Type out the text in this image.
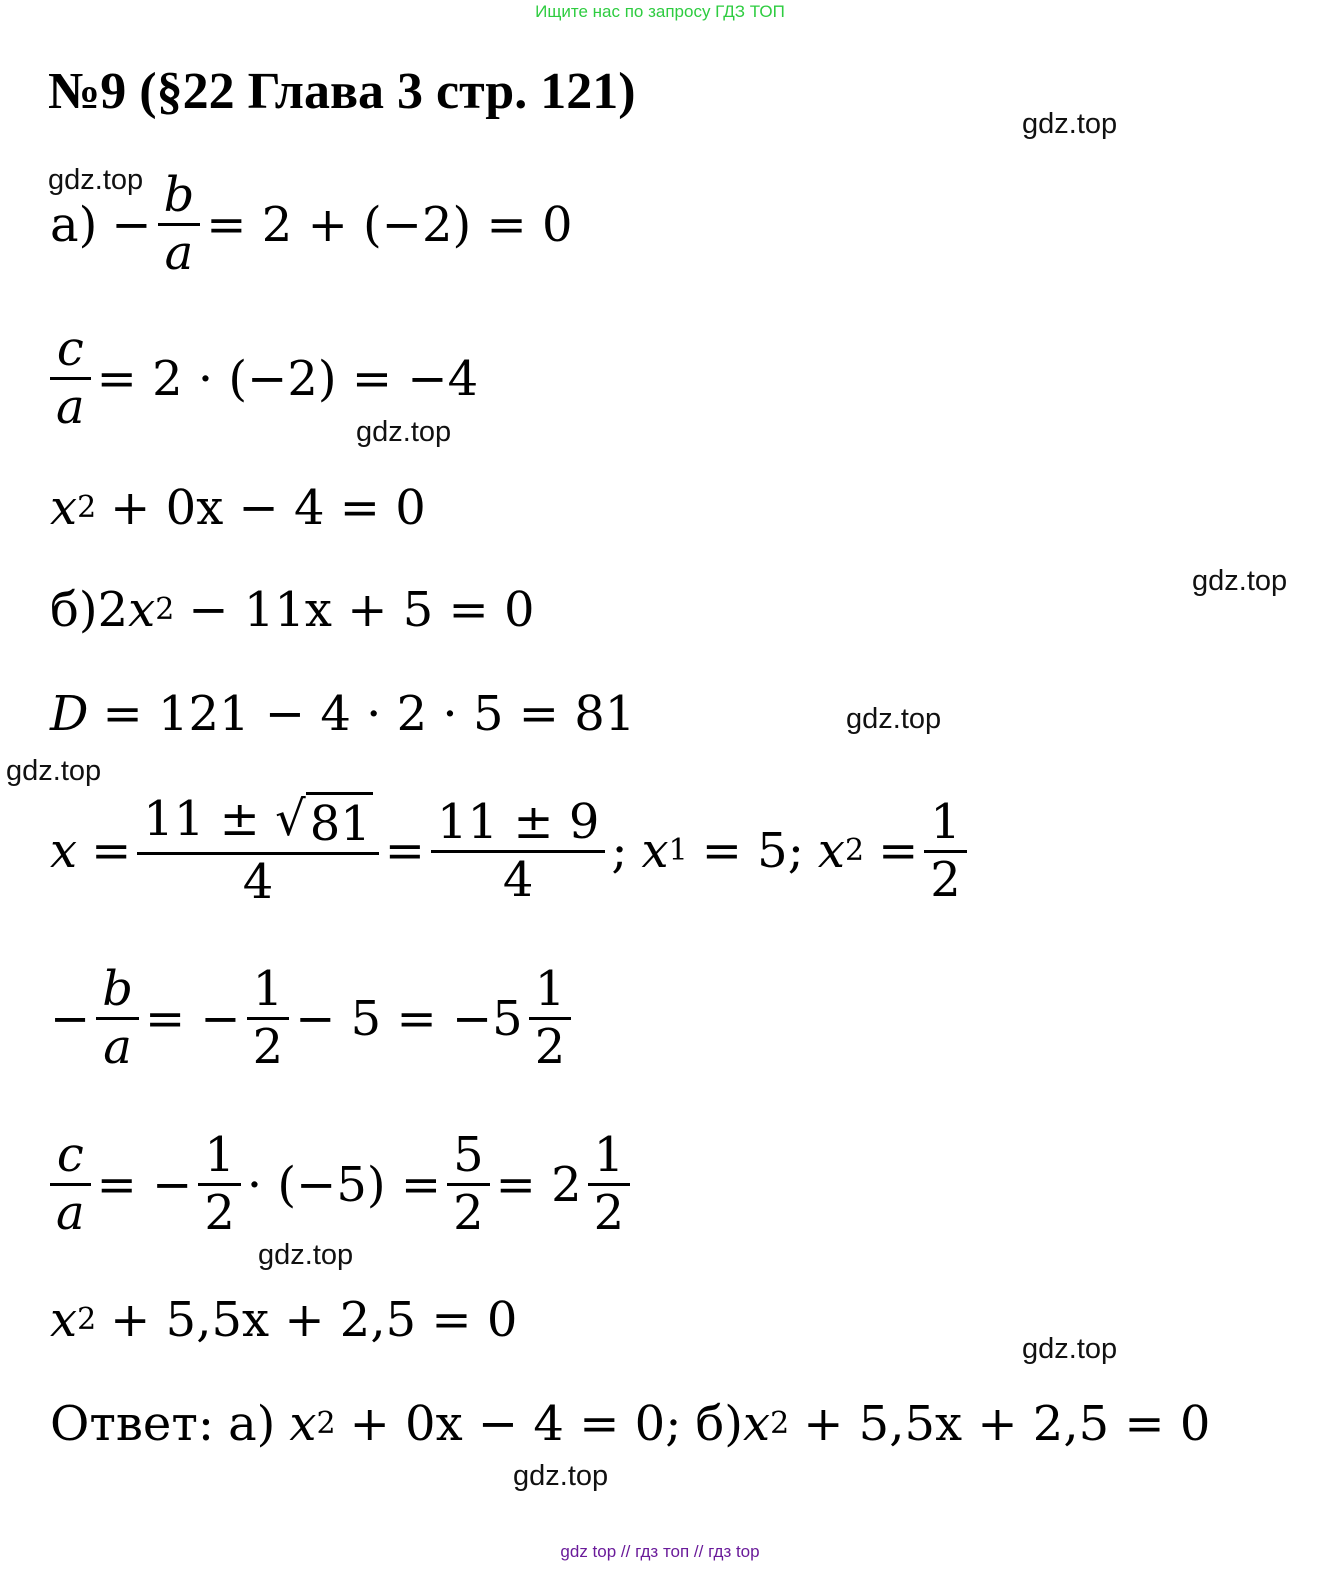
Ищите нас по запросу ГДЗ ТОП
№9 (§22 Глава 3 стр. 121)
gdz.top
gdz.top
gdz.top
gdz.top
gdz.top
gdz.top
gdz.top
gdz.top
gdz.top
$а) - \frac{b}{a} = 2 + (-2) = 0$
$\frac{c}{a} = 2 \cdot (-2) = -4$
x 2 + 0x − 4 = 0
б) 2 x 2 − 11x + 5 = 0
D = 121 − 4 · 2 · 5 = 81
$x = \frac{11 \pm √ 81}{4} = \frac{11 \pm 9}{4}$ ; x 1 = 5; x $2 = \frac{1}{2}$
− $\frac{b}{a}$ = − $\frac{1}{2} - 5 = -5 \frac{1}{2}$
$\frac{c}{a}$ = − $\frac{1}{2} \cdot (-5) = \frac{5}{2} = 2 \frac{1}{2}$
x 2 + 5,5x + 2,5 = 0
Ответ: а) x 2 + 0x − 4 = 0; б) x 2 + 5,5x + 2,5 = 0
gdz top // гдз топ // гдз top
